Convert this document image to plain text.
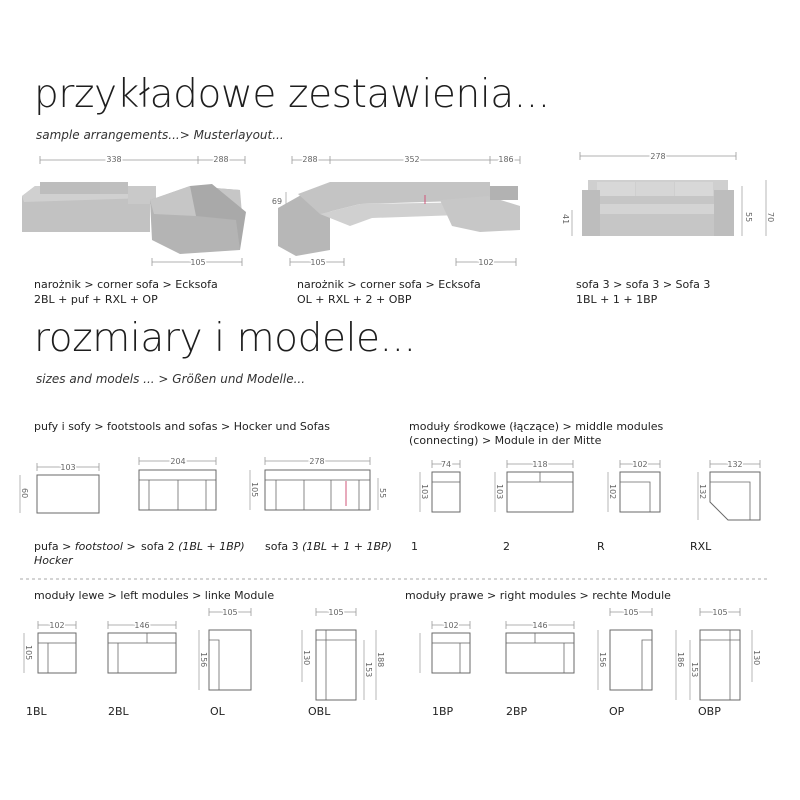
przykładowe zestawienia...
sample arrangements...> Musterlayout...
338	288
105
288	352	186
69
105	102
278
70
55
41
narożnik > corner sofa > Ecksofa
2BL + puf + RXL + OP
narożnik > corner sofa > Ecksofa
OL + RXL + 2 + OBP
sofa 3 > sofa 3 > Sofa 3
1BL + 1 + 1BP
rozmiary i modele...
sizes and models ... > Größen und Modelle...
pufy i sofy > footstools and sofas > Hocker und Sofas	moduły środkowe (łączące) > middle modules
(connecting) > Module in der Mitte
103
60
204	278
105	55
74
103
118
103
102
102
132
132
102
105
146
105
156
105
130
153
188
102	146
105
156
105
186
153
130
pufa > footstool >
Hocker
sofa 2 (1BL + 1BP) sofa 3 (1BL + 1 + 1BP) 1	2	R	RXL
moduły lewe > left modules > linke Module	moduły prawe > right modules > rechte Module
1BL	2BL	OL	OBL	1BP	2BP	OP	OBP
